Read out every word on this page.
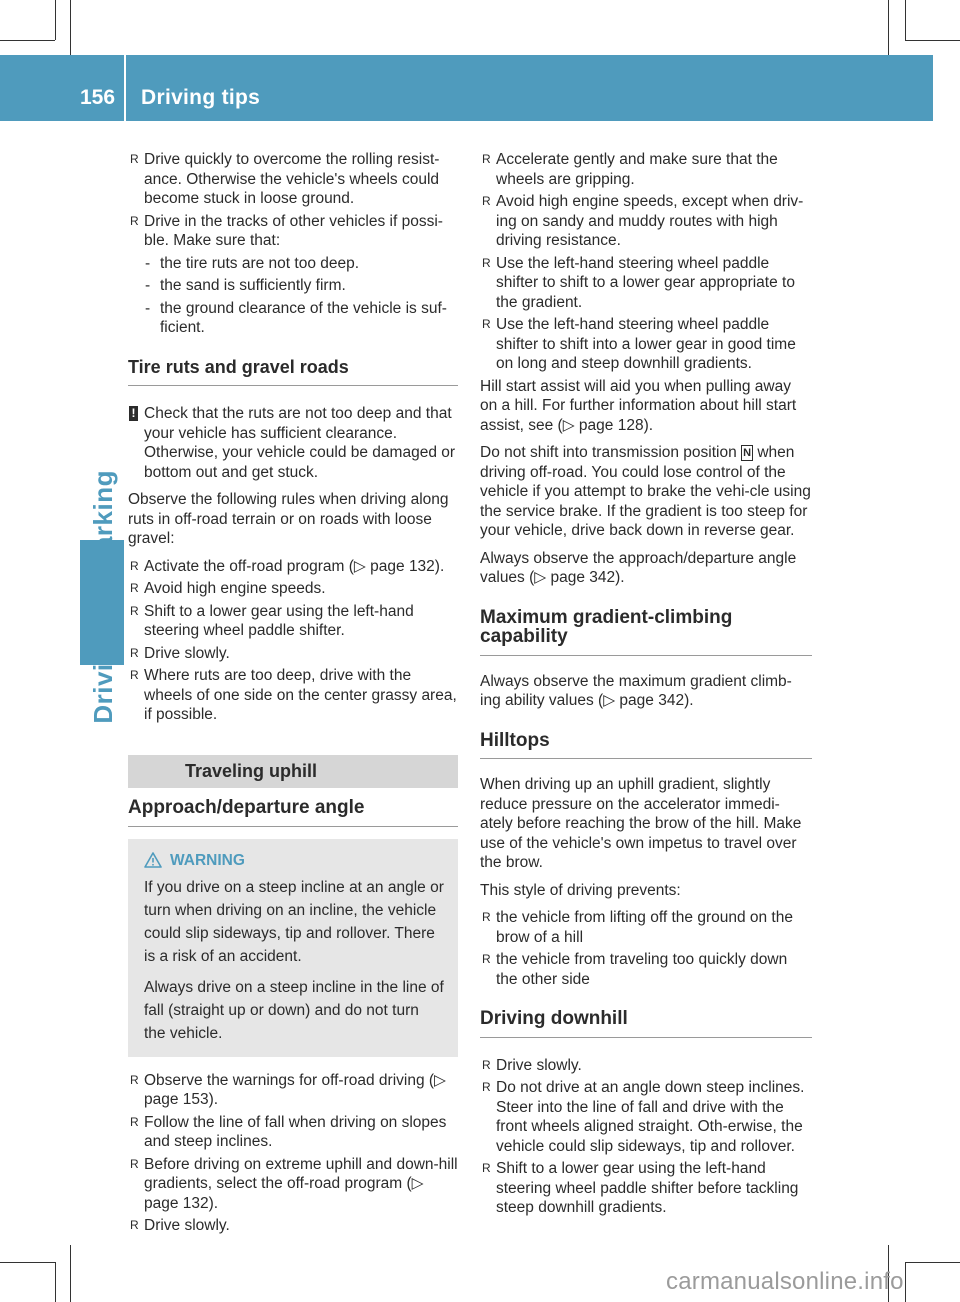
156 Driving tips
R Drive quickly to overcome the rolling resist-ance. Otherwise the vehicle's wheels could become stuck in loose ground.
R Drive in the tracks of other vehicles if possi-ble. Make sure that:
- the tire ruts are not too deep.
- the sand is sufficiently firm.
- the ground clearance of the vehicle is suf-ficient.
Tire ruts and gravel roads
! Check that the ruts are not too deep and that your vehicle has sufficient clearance. Otherwise, your vehicle could be damaged or bottom out and get stuck.

Observe the following rules when driving along ruts in off-road terrain or on roads with loose gravel:

R Activate the off-road program (▷ page 132).
R Avoid high engine speeds.
R Shift to a lower gear using the left-hand steering wheel paddle shifter.
R Drive slowly.
R Where ruts are too deep, drive with the wheels of one side on the center grassy area, if possible.
Traveling uphill
Approach/departure angle
WARNING

If you drive on a steep incline at an angle or turn when driving on an incline, the vehicle could slip sideways, tip and rollover. There is a risk of an accident.

Always drive on a steep incline in the line of fall (straight up or down) and do not turn the vehicle.

R Observe the warnings for off-road driving (▷ page 153).
R Follow the line of fall when driving on slopes and steep inclines.
R Before driving on extreme uphill and down-hill gradients, select the off-road program (▷ page 132).
R Drive slowly.
R Accelerate gently and make sure that the wheels are gripping.
R Avoid high engine speeds, except when driv-ing on sandy and muddy routes with high driving resistance.
R Use the left-hand steering wheel paddle shifter to shift to a lower gear appropriate to the gradient.
R Use the left-hand steering wheel paddle shifter to shift into a lower gear in good time on long and steep downhill gradients.

Hill start assist will aid you when pulling away on a hill. For further information about hill start assist, see (▷ page 128).

Do not shift into transmission position N when driving off-road. You could lose control of the vehicle if you attempt to brake the vehi-cle using the service brake. If the gradient is too steep for your vehicle, drive back down in reverse gear.

Always observe the approach/departure angle values (▷ page 342).

Maximum gradient-climbing capability

Always observe the maximum gradient climb-ing ability values (▷ page 342).

Hilltops

When driving up an uphill gradient, slightly reduce pressure on the accelerator immedi-ately before reaching the brow of the hill. Make use of the vehicle's own impetus to travel over the brow.

This style of driving prevents:

R the vehicle from lifting off the ground on the brow of a hill
R the vehicle from traveling too quickly down the other side
Driving downhill
R Drive slowly.
R Do not drive at an angle down steep inclines. Steer into the line of fall and drive with the front wheels aligned straight. Oth-erwise, the vehicle could slip sideways, tip and rollover.
R Shift to a lower gear using the left-hand steering wheel paddle shifter before tackling steep downhill gradients.
carmanualsonline.info
